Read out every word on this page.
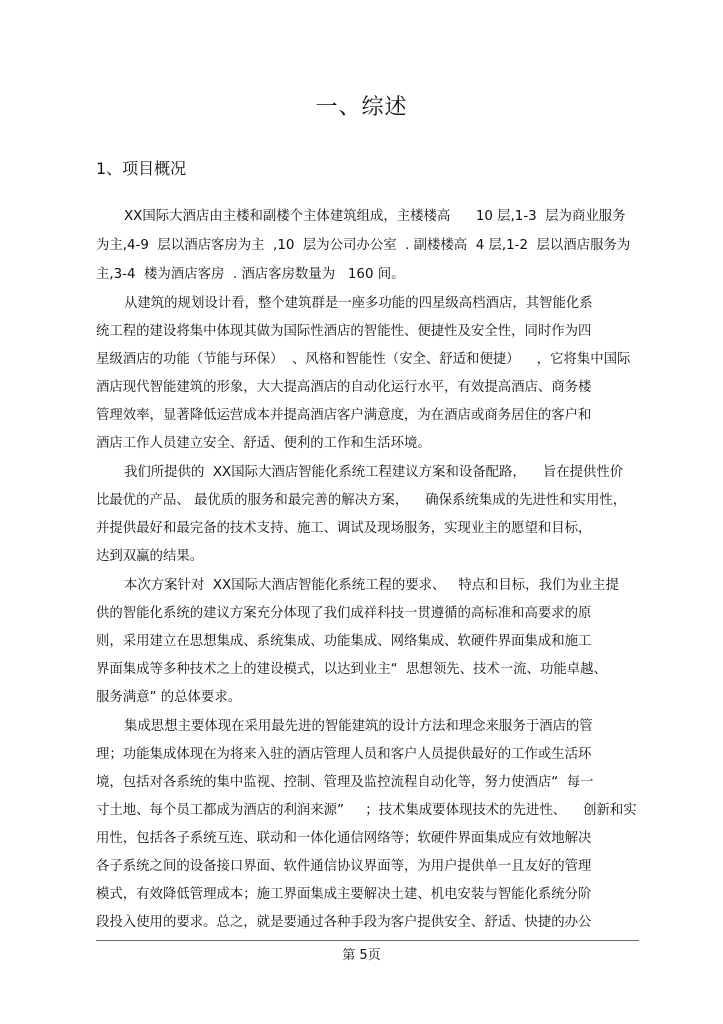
一、综述
1、项目概况

XX国际大酒店由主楼和副楼个主体建筑组成，主楼楼高      10 层,1-3  层为商业服务

为主,4-9  层以酒店客房为主  ,10  层为公司办公室  . 副楼楼高  4 层,1-2  层以酒店服务为

主,3-4  楼为酒店客房  . 酒店客房数量为   160 间。

从建筑的规划设计看，整个建筑群是一座多功能的四星级高档酒店，其智能化系

统工程的建设将集中体现其做为国际性酒店的智能性、便捷性及安全性，同时作为四

星级酒店的功能（节能与环保）  、风格和智能性（安全、舒适和便捷）    ，它将集中国际

酒店现代智能建筑的形象，大大提高酒店的自动化运行水平，有效提高酒店、商务楼

管理效率，显著降低运营成本并提高酒店客户满意度，为在酒店或商务居住的客户和

酒店工作人员建立安全、舒适、便利的工作和生活环境。

我们所提供的  XX国际大酒店智能化系统工程建议方案和设备配路，    旨在提供性价

比最优的产品、 最优质的服务和最完善的解决方案，    确保系统集成的先进性和实用性，

并提供最好和最完备的技术支持、施工、调试及现场服务，实现业主的愿望和目标，

达到双赢的结果。

本次方案针对  XX国际大酒店智能化系统工程的要求、   特点和目标，我们为业主提

供的智能化系统的建议方案充分体现了我们成祥科技一贯遵循的高标准和高要求的原

则，采用建立在思想集成、系统集成、功能集成、网络集成、软硬件界面集成和施工

界面集成等多种技术之上的建设模式，以达到业主“  思想领先、技术一流、功能卓越、

服务满意” 的总体要求。

集成思想主要体现在采用最先进的智能建筑的设计方法和理念来服务于酒店的管

理；功能集成体现在为将来入驻的酒店管理人员和客户人员提供最好的工作或生活环

境，包括对各系统的集中监视、控制、管理及监控流程自动化等，努力使酒店“  每一

寸土地、每个员工都成为酒店的利润来源”     ；技术集成要体现技术的先进性、    创新和实

用性，包括各子系统互连、联动和一体化通信网络等；软硬件界面集成应有效地解决

各子系统之间的设备接口界面、软件通信协议界面等，为用户提供单一且友好的管理

模式，有效降低管理成本；施工界面集成主要解决土建、机电安装与智能化系统分阶

段投入使用的要求。总之，就是要通过各种手段为客户提供安全、舒适、快捷的办公

第 5页
